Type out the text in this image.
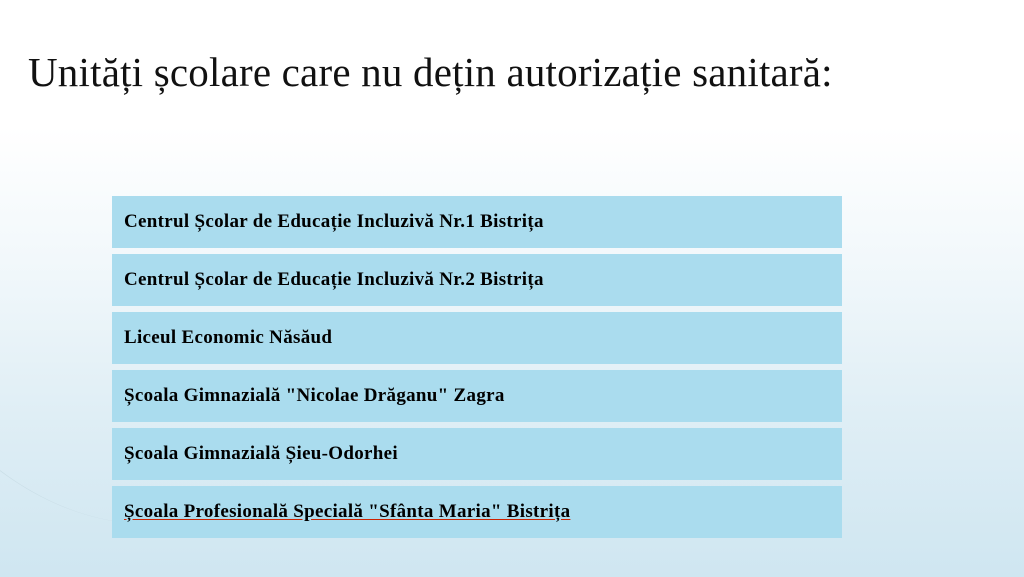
Unități școlare care nu dețin autorizație sanitară:
Centrul Școlar de Educație Incluzivă Nr.1 Bistrița
Centrul Școlar de Educație Incluzivă Nr.2 Bistrița
Liceul Economic Năsăud
Școala Gimnazială "Nicolae Drăganu" Zagra
Școala Gimnazială Șieu-Odorhei
Școala Profesională Specială "Sfânta Maria" Bistrița
